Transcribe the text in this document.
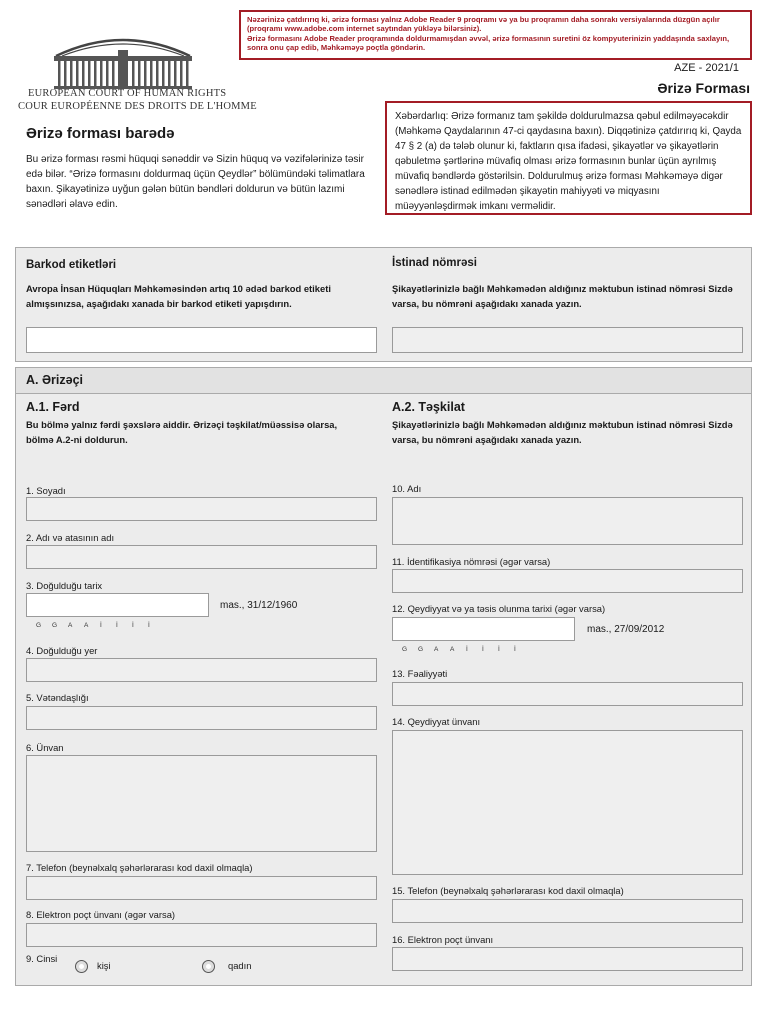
Nəzərinizə çatdırırıq ki, ərizə forması yalnız Adobe Reader 9 proqramı və ya bu proqramın daha sonrakı versiyalarında düzgün açılır (proqramı www.adobe.com internet saytından yükləyə bilərsiniz).

Ərizə formasını Adobe Reader proqramında doldurmamışdan əvvəl, ərizə formasının suretini öz kompyuterinizin yaddaşında saxlayın, sonra onu çap edib, Məhkəməyə poçtla göndərin.

EUROPEAN COURT OF HUMAN RIGHTS
COUR EUROPÉENNE DES DROITS DE L'HOMME
AZE - 2021/1
Ərizə Forması
Ərizə forması barədə
Bu ərizə forması rəsmi hüquqi sənəddir və Sizin hüquq və vəzifələrinizə təsir edə bilər. “Ərizə formasını doldurmaq üçün Qeydlər” bölümündəki təlimatlara baxın. Şikayətinizə uyğun gələn bütün bəndləri doldurun və bütün lazımi sənədləri əlavə edin.
Xəbərdarlıq: Ərizə formanız tam şəkildə doldurulmazsa qəbul edilməyəcəkdir (Məhkəmə Qaydalarının 47-ci qaydasına baxın). Diqqətinizə çatdırırıq ki, Qayda 47 § 2 (a) də tələb olunur ki, faktların qısa ifadəsi, şikayətlər və şikayətlərin qəbuletmə şərtlərinə müvafiq olması ərizə formasının bunlar üçün ayrılmış müvafiq bəndlərdə göstərilsin. Doldurulmuş ərizə forması Məhkəməyə digər sənədlərə istinad edilmədən şikayətin mahiyyəti və miqyasını müəyyənləşdirmək imkanı verməlidir.
Barkod etiketləri
Avropa İnsan Hüquqları Məhkəməsindən artıq 10 ədəd barkod etiketi almışsınızsa, aşağıdakı xanada bir barkod etiketi yapışdırın.
İstinad nömrəsi
Şikayətlərinizlə bağlı Məhkəmədən aldığınız məktubun istinad nömrəsi Sizdə varsa, bu nömrəni aşağıdakı xanada yazın.
A. Ərizəçi
A.1. Fərd
Bu bölmə yalnız fərdi şəxslərə aiddir. Ərizəçi təşkilat/müəssisə olarsa, bölmə A.2-ni doldurun.
1. Soyadı
2. Adı və atasının adı
3. Doğulduğu tarix
mas., 31/12/1960
G G A A İ İ İ İ
4. Doğulduğu yer
5. Vətəndaşlığı
6. Ünvan
7. Telefon (beynəlxalq şəhərlərarası kod daxil olmaqla)
8. Elektron poçt ünvanı (əgər varsa)
9. Cinsi
kişi	qadın
A.2. Təşkilat
Şikayətlərinizlə bağlı Məhkəmədən aldığınız məktubun istinad nömrəsi Sizdə varsa, bu nömrəni aşağıdakı xanada yazın.
10. Adı
11. İdentifikasiya nömrəsi (əgər varsa)
12. Qeydiyyat və ya təsis olunma tarixi (əgər varsa)
mas., 27/09/2012
G G A A İ İ İ İ
13. Fəaliyyəti
14. Qeydiyyat ünvanı
15. Telefon (beynəlxalq şəhərlərarası kod daxil olmaqla)
16. Elektron poçt ünvanı
